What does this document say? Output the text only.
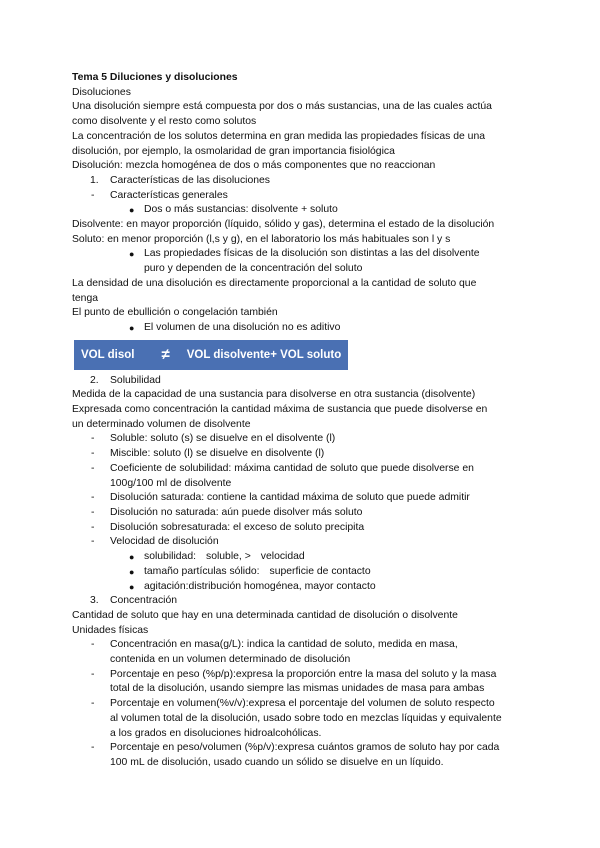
Tema 5 Diluciones y disoluciones
Disoluciones
Una disolución siempre está compuesta por dos o más sustancias, una de las cuales actúa
como disolvente y el resto como solutos
La concentración de los solutos determina en gran medida las propiedades físicas de una
disolución, por ejemplo, la osmolaridad de gran importancia fisiológica
Disolución: mezcla homogénea de dos o más componentes que no reaccionan
1. Características de las disoluciones
- Características generales
● Dos o más sustancias: disolvente + soluto
Disolvente: en mayor proporción (líquido, sólido y gas), determina el estado de la disolución
Soluto: en menor proporción (l,s y g), en el laboratorio los más habituales son l y s
● Las propiedades físicas de la disolución son distintas a las del disolvente
puro y dependen de la concentración del soluto
La densidad de una disolución es directamente proporcional a la cantidad de soluto que
tenga
El punto de ebullición o congelación también
● El volumen de una disolución no es aditivo
VOL disol ≠ VOL disolvente+ VOL soluto
2. Solubilidad
Medida de la capacidad de una sustancia para disolverse en otra sustancia (disolvente)
Expresada como concentración la cantidad máxima de sustancia que puede disolverse en
un determinado volumen de disolvente
- Soluble: soluto (s) se disuelve en el disolvente (l)
- Miscible: soluto (l) se disuelve en disolvente (l)
- Coeficiente de solubilidad: máxima cantidad de soluto que puede disolverse en
100g/100 ml de disolvente
- Disolución saturada: contiene la cantidad máxima de soluto que puede admitir
- Disolución no saturada: aún puede disolver más soluto
- Disolución sobresaturada: el exceso de soluto precipita
- Velocidad de disolución
● solubilidad: soluble, > velocidad
● tamaño partículas sólido: superficie de contacto
● agitación:distribución homogénea, mayor contacto
3. Concentración
Cantidad de soluto que hay en una determinada cantidad de disolución o disolvente
Unidades físicas
- Concentración en masa(g/L): indica la cantidad de soluto, medida en masa,
contenida en un volumen determinado de disolución
- Porcentaje en peso (%p/p):expresa la proporción entre la masa del soluto y la masa
total de la disolución, usando siempre las mismas unidades de masa para ambas
- Porcentaje en volumen(%v/v):expresa el porcentaje del volumen de soluto respecto
al volumen total de la disolución, usado sobre todo en mezclas líquidas y equivalente
a los grados en disoluciones hidroalcohólicas.
- Porcentaje en peso/volumen (%p/v):expresa cuántos gramos de soluto hay por cada
100 mL de disolución, usado cuando un sólido se disuelve en un líquido.
